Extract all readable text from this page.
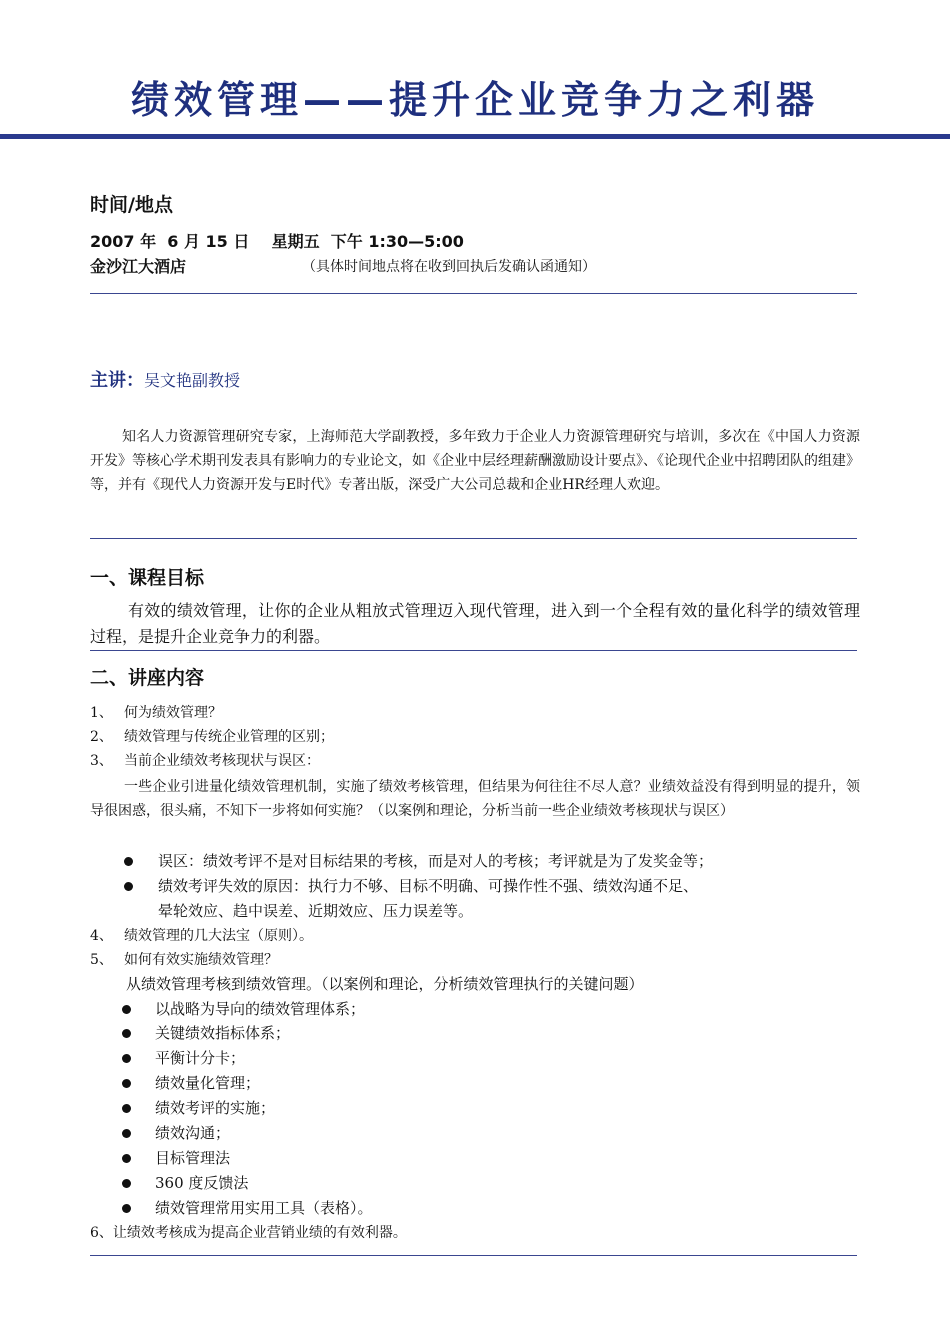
绩效管理——提升企业竞争力之利器
时间/地点
2007 年  6 月 15 日    星期五  下午 1:30—5:00
金沙江大酒店	（具体时间地点将在收到回执后发确认函通知）
主讲：吴文艳副教授
知名人力资源管理研究专家，上海师范大学副教授，多年致力于企业人力资源管理研究与培训，多次在《中国人力资源开发》等核心学术期刊发表具有影响力的专业论文，如《企业中层经理薪酬激励设计要点》、《论现代企业中招聘团队的组建》等，并有《现代人力资源开发与E时代》专著出版，深受广大公司总裁和企业HR经理人欢迎。
一、课程目标
有效的绩效管理，让你的企业从粗放式管理迈入现代管理，进入到一个全程有效的量化科学的绩效管理过程，是提升企业竞争力的利器。
二、讲座内容
1、 何为绩效管理？
2、 绩效管理与传统企业管理的区别；
3、 当前企业绩效考核现状与误区：
一些企业引进量化绩效管理机制，实施了绩效考核管理，但结果为何往往不尽人意？业绩效益没有得到明显的提升，领导很困惑，很头痛，不知下一步将如何实施？（以案例和理论，分析当前一些企业绩效考核现状与误区）
误区：绩效考评不是对目标结果的考核，而是对人的考核；考评就是为了发奖金等；
绩效考评失效的原因：执行力不够、目标不明确、可操作性不强、绩效沟通不足、
晕轮效应、趋中误差、近期效应、压力误差等。
4、 绩效管理的几大法宝（原则）。
5、 如何有效实施绩效管理？
从绩效管理考核到绩效管理。（以案例和理论，分析绩效管理执行的关键问题）
以战略为导向的绩效管理体系；
关键绩效指标体系；
平衡计分卡；
绩效量化管理；
绩效考评的实施；
绩效沟通；
目标管理法
360 度反馈法
绩效管理常用实用工具（表格）。
6、让绩效考核成为提高企业营销业绩的有效利器。
